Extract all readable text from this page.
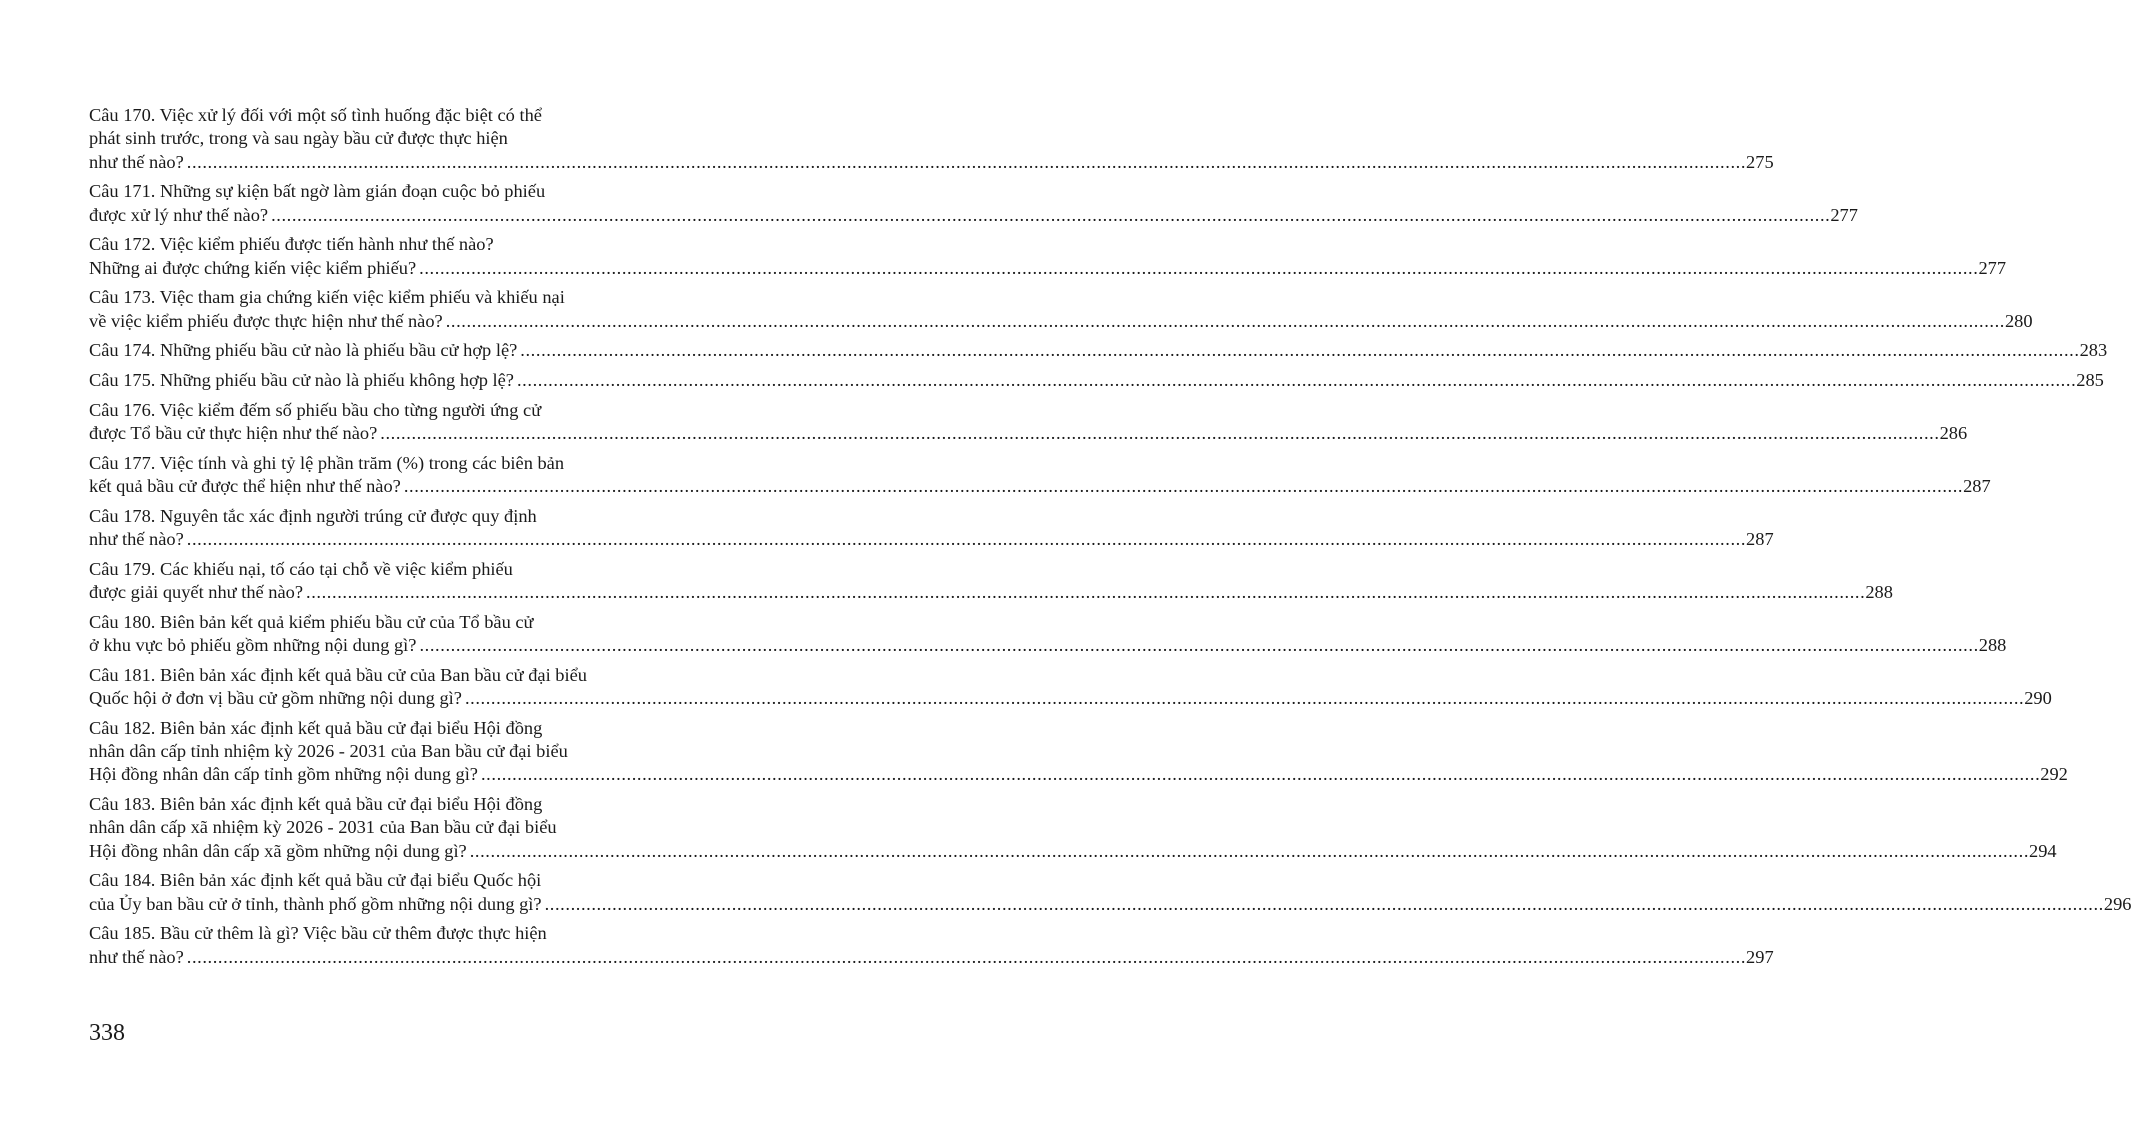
Câu 170. Việc xử lý đối với một số tình huống đặc biệt có thể
phát sinh trước, trong và sau ngày bầu cử được thực hiện
như thế nào? ............................................................................................................................................................................................................................................................................................................ 275
Câu 171. Những sự kiện bất ngờ làm gián đoạn cuộc bỏ phiếu
được xử lý như thế nào? ............................................................................................................................................................................................................................................................................................................ 277
Câu 172. Việc kiểm phiếu được tiến hành như thế nào?
Những ai được chứng kiến việc kiểm phiếu? ............................................................................................................................................................................................................................................................................................................ 277
Câu 173. Việc tham gia chứng kiến việc kiểm phiếu và khiếu nại
về việc kiểm phiếu được thực hiện như thế nào? ............................................................................................................................................................................................................................................................................................................ 280
Câu 174. Những phiếu bầu cử nào là phiếu bầu cử hợp lệ? ............................................................................................................................................................................................................................................................................................................ 283
Câu 175. Những phiếu bầu cử nào là phiếu không hợp lệ? ............................................................................................................................................................................................................................................................................................................ 285
Câu 176. Việc kiểm đếm số phiếu bầu cho từng người ứng cử
được Tổ bầu cử thực hiện như thế nào? ............................................................................................................................................................................................................................................................................................................ 286
Câu 177. Việc tính và ghi tỷ lệ phần trăm (%) trong các biên bản
kết quả bầu cử được thể hiện như thế nào? ............................................................................................................................................................................................................................................................................................................ 287
Câu 178. Nguyên tắc xác định người trúng cử được quy định
như thế nào? ............................................................................................................................................................................................................................................................................................................ 287
Câu 179. Các khiếu nại, tố cáo tại chỗ về việc kiểm phiếu
được giải quyết như thế nào? ............................................................................................................................................................................................................................................................................................................ 288
Câu 180. Biên bản kết quả kiểm phiếu bầu cử của Tổ bầu cử
ở khu vực bỏ phiếu gồm những nội dung gì? ............................................................................................................................................................................................................................................................................................................ 288
Câu 181. Biên bản xác định kết quả bầu cử của Ban bầu cử đại biểu
Quốc hội ở đơn vị bầu cử gồm những nội dung gì? ............................................................................................................................................................................................................................................................................................................ 290
Câu 182. Biên bản xác định kết quả bầu cử đại biểu Hội đồng
nhân dân cấp tỉnh nhiệm kỳ 2026 - 2031 của Ban bầu cử đại biểu
Hội đồng nhân dân cấp tỉnh gồm những nội dung gì? ............................................................................................................................................................................................................................................................................................................ 292
Câu 183. Biên bản xác định kết quả bầu cử đại biểu Hội đồng
nhân dân cấp xã nhiệm kỳ 2026 - 2031 của Ban bầu cử đại biểu
Hội đồng nhân dân cấp xã gồm những nội dung gì? ............................................................................................................................................................................................................................................................................................................ 294
Câu 184. Biên bản xác định kết quả bầu cử đại biểu Quốc hội
của Ủy ban bầu cử ở tỉnh, thành phố gồm những nội dung gì? ............................................................................................................................................................................................................................................................................................................ 296
Câu 185. Bầu cử thêm là gì? Việc bầu cử thêm được thực hiện
như thế nào? ............................................................................................................................................................................................................................................................................................................ 297
338
